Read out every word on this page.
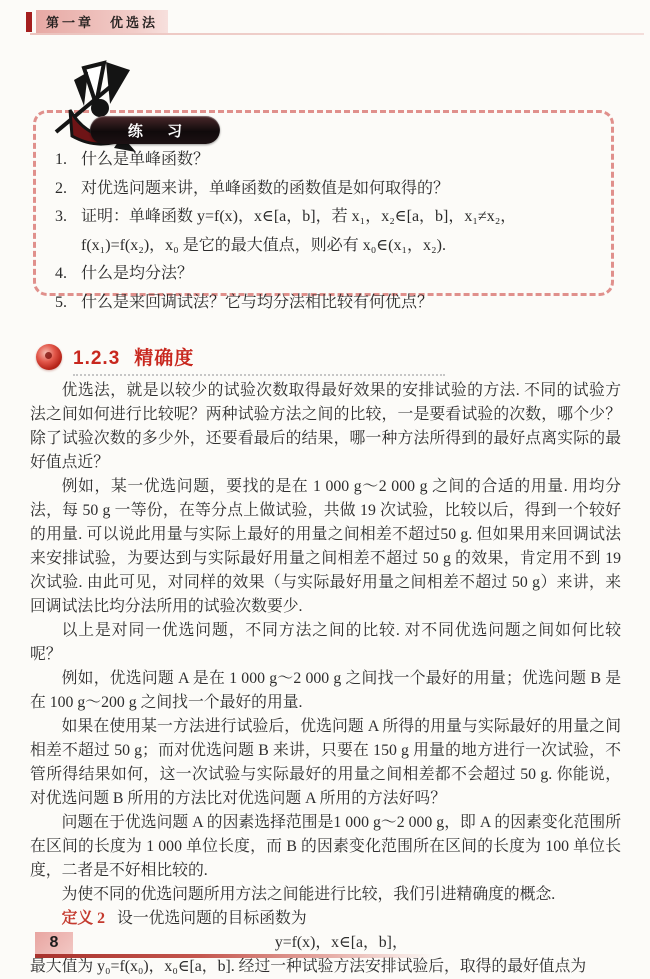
第一章　优选法
练 习
1. 什么是单峰函数？
2. 对优选问题来讲，单峰函数的函数值是如何取得的？
3. 证明：单峰函数 y=f(x)，x∈[a，b]，若 x₁，x₂∈[a，b]，x₁≠x₂，f(x₁)=f(x₂)，x₀ 是它的最大值点，则必有 x₀∈(x₁，x₂).
4. 什么是均分法？
5. 什么是来回调试法？它与均分法相比较有何优点？
1.2.3 精确度

优选法，就是以较少的试验次数取得最好效果的安排试验的方法. 不同的试验方法之间如何进行比较呢？两种试验方法之间的比较，一是要看试验的次数，哪个少？除了试验次数的多少外，还要看最后的结果，哪一种方法所得到的最好点离实际的最好值点近？

例如，某一优选问题，要找的是在 1 000 g～2 000 g 之间的合适的用量. 用均分法，每 50 g 一等份，在等分点上做试验，共做 19 次试验，比较以后，得到一个较好的用量. 可以说此用量与实际上最好的用量之间相差不超过50 g. 但如果用来回调试法来安排试验，为要达到与实际最好用量之间相差不超过 50 g 的效果，肯定用不到 19 次试验. 由此可见，对同样的效果（与实际最好用量之间相差不超过 50 g）来讲，来回调试法比均分法所用的试验次数要少.

以上是对同一优选问题，不同方法之间的比较. 对不同优选问题之间如何比较呢？

例如，优选问题 A 是在 1 000 g～2 000 g 之间找一个最好的用量；优选问题 B 是在 100 g～200 g 之间找一个最好的用量.

如果在使用某一方法进行试验后，优选问题 A 所得的用量与实际最好的用量之间相差不超过 50 g；而对优选问题 B 来讲，只要在 150 g 用量的地方进行一次试验，不管所得结果如何，这一次试验与实际最好的用量之间相差都不会超过 50 g. 你能说，对优选问题 B 所用的方法比对优选问题 A 所用的方法好吗？

问题在于优选问题 A 的因素选择范围是1 000 g～2 000 g，即 A 的因素变化范围所在区间的长度为 1 000 单位长度，而 B 的因素变化范围所在区间的长度为 100 单位长度，二者是不好相比较的.

为使不同的优选问题所用方法之间能进行比较，我们引进精确度的概念.

定义 2 设一优选问题的目标函数为

y=f(x)，x∈[a，b]，

最大值为 y₀=f(x₀)，x₀∈[a，b]. 经过一种试验方法安排试验后，取得的最好值点为

8
